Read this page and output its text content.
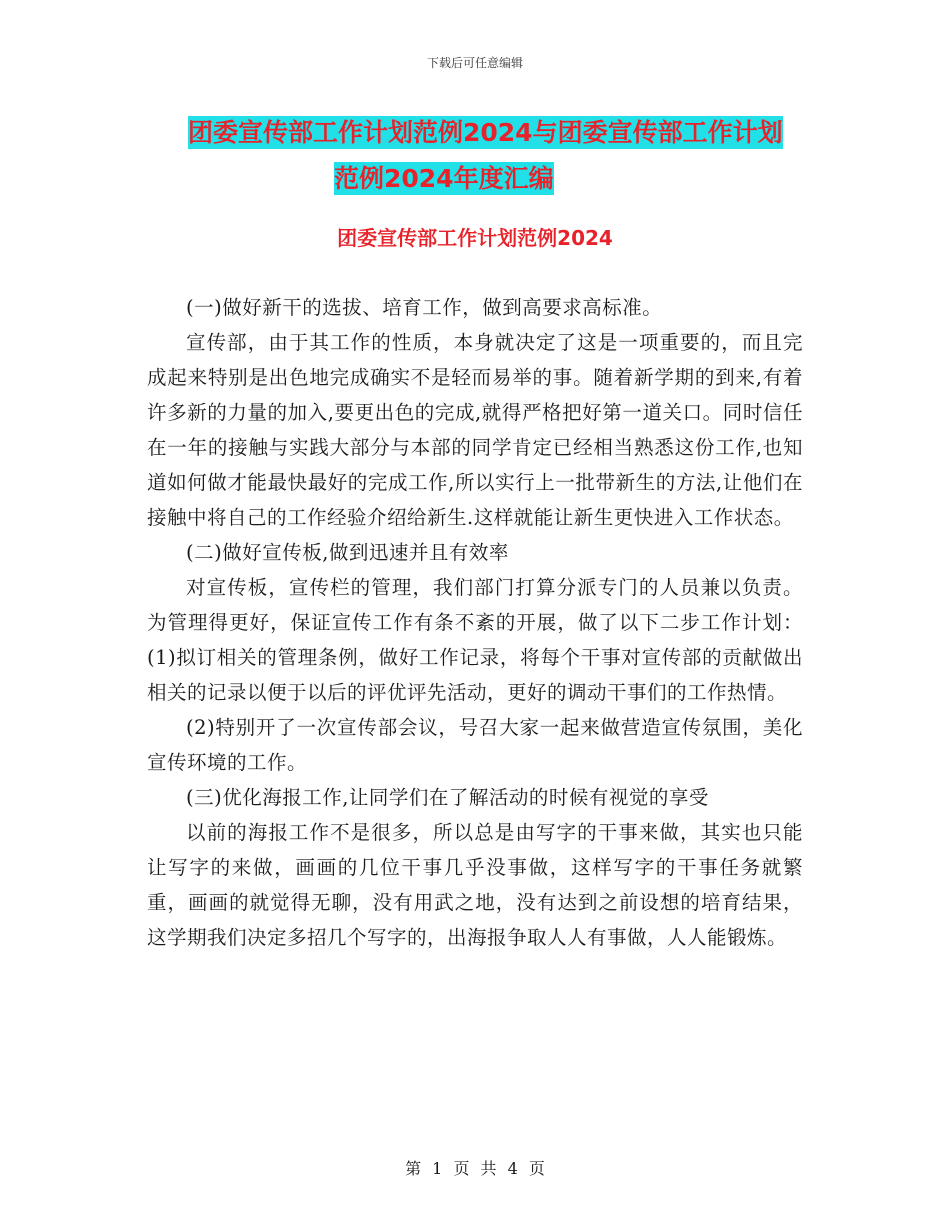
下载后可任意编辑
团委宣传部工作计划范例2024与团委宣传部工作计划
范例2024年度汇编
团委宣传部工作计划范例2024

(一)做好新干的选拔、培育工作，做到高要求高标准。

宣传部，由于其工作的性质，本身就决定了这是一项重要的，而且完成起来特别是出色地完成确实不是轻而易举的事。随着新学期的到来,有着许多新的力量的加入,要更出色的完成,就得严格把好第一道关口。同时信任在一年的接触与实践大部分与本部的同学肯定已经相当熟悉这份工作,也知道如何做才能最快最好的完成工作,所以实行上一批带新生的方法,让他们在接触中将自己的工作经验介绍给新生.这样就能让新生更快进入工作状态。

(二)做好宣传板,做到迅速并且有效率

对宣传板，宣传栏的管理，我们部门打算分派专门的人员兼以负责。为管理得更好，保证宣传工作有条不紊的开展，做了以下二步工作计划：(1)拟订相关的管理条例，做好工作记录，将每个干事对宣传部的贡献做出相关的记录以便于以后的评优评先活动，更好的调动干事们的工作热情。

(2)特别开了一次宣传部会议，号召大家一起来做营造宣传氛围，美化宣传环境的工作。

(三)优化海报工作,让同学们在了解活动的时候有视觉的享受

以前的海报工作不是很多，所以总是由写字的干事来做，其实也只能让写字的来做，画画的几位干事几乎没事做，这样写字的干事任务就繁重，画画的就觉得无聊，没有用武之地，没有达到之前设想的培育结果，这学期我们决定多招几个写字的，出海报争取人人有事做，人人能锻炼。

第 1 页 共 4 页
